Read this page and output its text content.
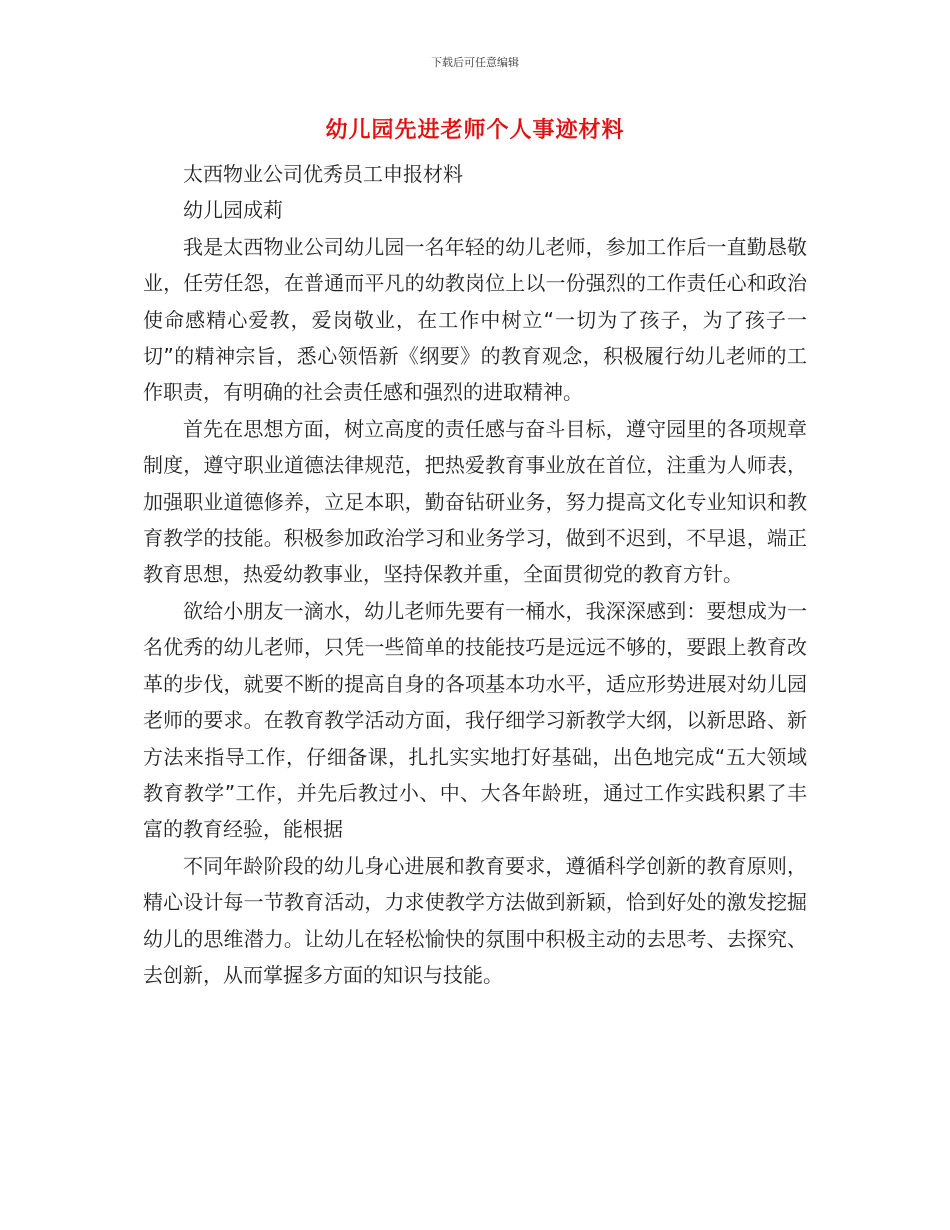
下载后可任意编辑
幼儿园先进老师个人事迹材料

太西物业公司优秀员工申报材料

幼儿园成莉

我是太西物业公司幼儿园一名年轻的幼儿老师，参加工作后一直勤恳敬业，任劳任怨，在普通而平凡的幼教岗位上以一份强烈的工作责任心和政治使命感精心爱教，爱岗敬业，在工作中树立“一切为了孩子，为了孩子一切”的精神宗旨，悉心领悟新《纲要》的教育观念，积极履行幼儿老师的工作职责，有明确的社会责任感和强烈的进取精神。

首先在思想方面，树立高度的责任感与奋斗目标，遵守园里的各项规章制度，遵守职业道德法律规范，把热爱教育事业放在首位，注重为人师表，加强职业道德修养，立足本职，勤奋钻研业务，努力提高文化专业知识和教育教学的技能。积极参加政治学习和业务学习，做到不迟到，不早退，端正教育思想，热爱幼教事业，坚持保教并重，全面贯彻党的教育方针。

欲给小朋友一滴水，幼儿老师先要有一桶水，我深深感到：要想成为一名优秀的幼儿老师，只凭一些简单的技能技巧是远远不够的，要跟上教育改革的步伐，就要不断的提高自身的各项基本功水平，适应形势进展对幼儿园老师的要求。在教育教学活动方面，我仔细学习新教学大纲，以新思路、新方法来指导工作，仔细备课，扎扎实实地打好基础，出色地完成“五大领域教育教学”工作，并先后教过小、中、大各年龄班，通过工作实践积累了丰富的教育经验，能根据

不同年龄阶段的幼儿身心进展和教育要求，遵循科学创新的教育原则，精心设计每一节教育活动，力求使教学方法做到新颖，恰到好处的激发挖掘幼儿的思维潜力。让幼儿在轻松愉快的氛围中积极主动的去思考、去探究、去创新，从而掌握多方面的知识与技能。
